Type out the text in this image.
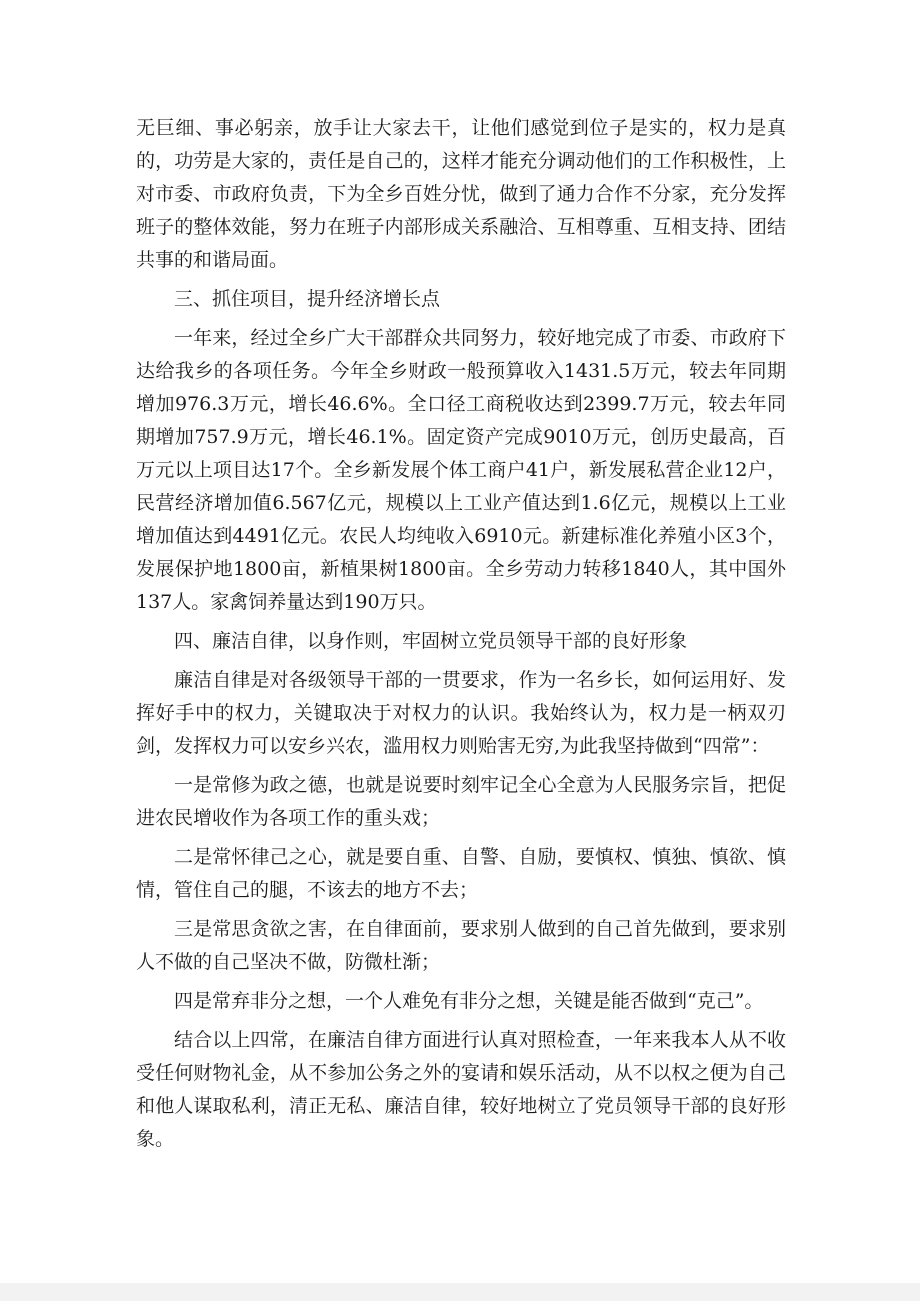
无巨细、事必躬亲，放手让大家去干，让他们感觉到位子是实的，权力是真的，功劳是大家的，责任是自己的，这样才能充分调动他们的工作积极性，上对市委、市政府负责，下为全乡百姓分忧，做到了通力合作不分家，充分发挥班子的整体效能，努力在班子内部形成关系融洽、互相尊重、互相支持、团结共事的和谐局面。

三、抓住项目，提升经济增长点

一年来，经过全乡广大干部群众共同努力，较好地完成了市委、市政府下达给我乡的各项任务。今年全乡财政一般预算收入1431.5万元，较去年同期增加976.3万元，增长46.6%。全口径工商税收达到2399.7万元，较去年同期增加757.9万元，增长46.1%。固定资产完成9010万元，创历史最高，百万元以上项目达17个。全乡新发展个体工商户41户，新发展私营企业12户，民营经济增加值6.567亿元，规模以上工业产值达到1.6亿元，规模以上工业增加值达到4491亿元。农民人均纯收入6910元。新建标准化养殖小区3个，发展保护地1800亩，新植果树1800亩。全乡劳动力转移1840人，其中国外137人。家禽饲养量达到190万只。

四、廉洁自律，以身作则，牢固树立党员领导干部的良好形象

廉洁自律是对各级领导干部的一贯要求，作为一名乡长，如何运用好、发挥好手中的权力，关键取决于对权力的认识。我始终认为，权力是一柄双刃剑，发挥权力可以安乡兴农，滥用权力则贻害无穷,为此我坚持做到“四常”：

一是常修为政之德，也就是说要时刻牢记全心全意为人民服务宗旨，把促进农民增收作为各项工作的重头戏；

二是常怀律己之心，就是要自重、自警、自励，要慎权、慎独、慎欲、慎情，管住自己的腿，不该去的地方不去；

三是常思贪欲之害，在自律面前，要求别人做到的自己首先做到，要求别人不做的自己坚决不做，防微杜渐；

四是常弃非分之想，一个人难免有非分之想，关键是能否做到“克己”。

结合以上四常，在廉洁自律方面进行认真对照检查，一年来我本人从不收受任何财物礼金，从不参加公务之外的宴请和娱乐活动，从不以权之便为自己和他人谋取私利，清正无私、廉洁自律，较好地树立了党员领导干部的良好形象。
